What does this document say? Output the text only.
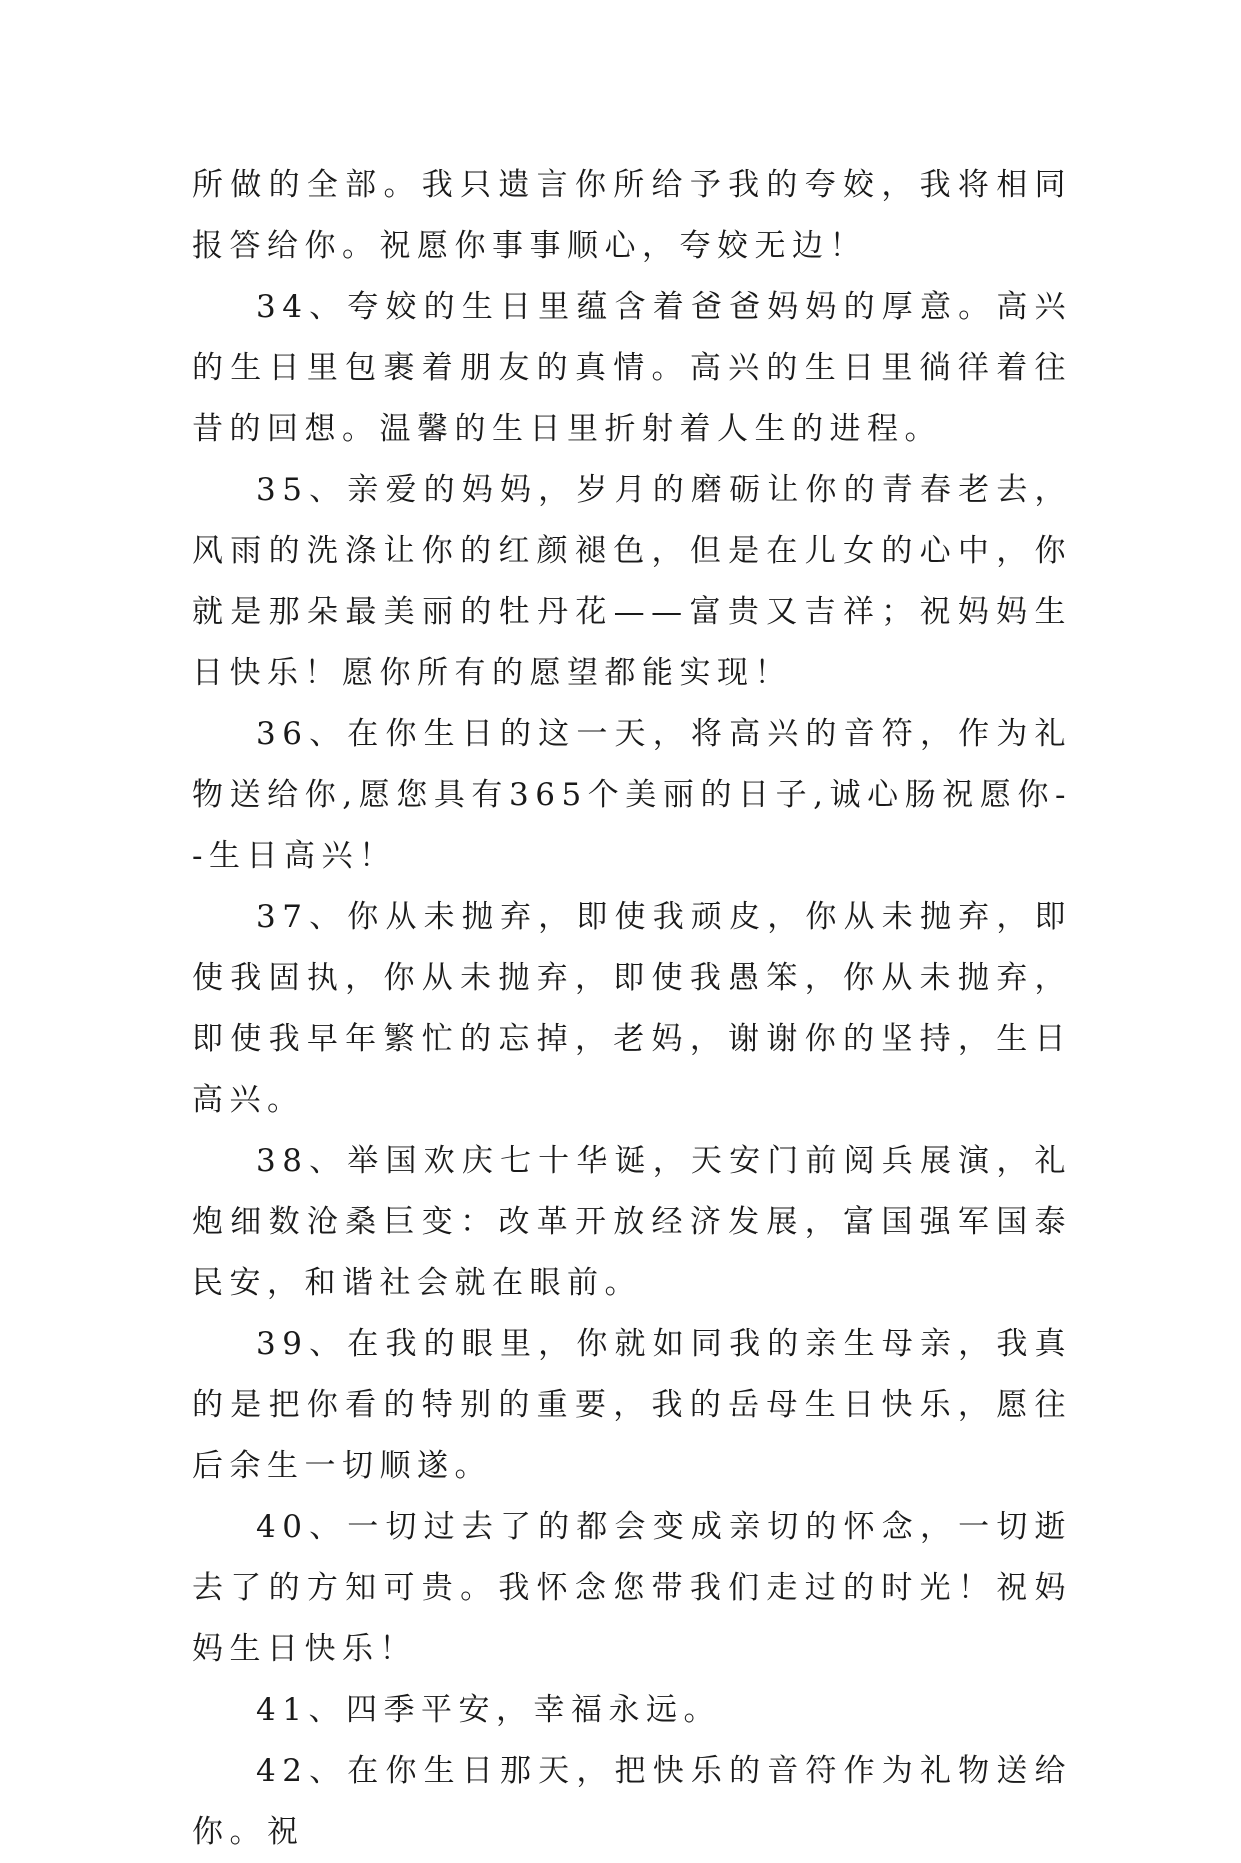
所做的全部。我只遗言你所给予我的夸姣，我将相同报答给你。祝愿你事事顺心，夸姣无边！

34、夸姣的生日里蕴含着爸爸妈妈的厚意。高兴的生日里包裹着朋友的真情。高兴的生日里徜徉着往昔的回想。温馨的生日里折射着人生的进程。

35、亲爱的妈妈，岁月的磨砺让你的青春老去，风雨的洗涤让你的红颜褪色，但是在儿女的心中，你就是那朵最美丽的牡丹花——富贵又吉祥；祝妈妈生日快乐！愿你所有的愿望都能实现！

36、在你生日的这一天，将高兴的音符，作为礼物送给你,愿您具有365个美丽的日子,诚心肠祝愿你--生日高兴！

37、你从未抛弃，即使我顽皮，你从未抛弃，即使我固执，你从未抛弃，即使我愚笨，你从未抛弃，即使我早年繁忙的忘掉，老妈，谢谢你的坚持，生日高兴。

38、举国欢庆七十华诞，天安门前阅兵展演，礼炮细数沧桑巨变：改革开放经济发展，富国强军国泰民安，和谐社会就在眼前。

39、在我的眼里，你就如同我的亲生母亲，我真的是把你看的特别的重要，我的岳母生日快乐，愿往后余生一切顺遂。

40、一切过去了的都会变成亲切的怀念，一切逝去了的方知可贵。我怀念您带我们走过的时光！祝妈妈生日快乐！

41、四季平安，幸福永远。

42、在你生日那天，把快乐的音符作为礼物送给你。祝
